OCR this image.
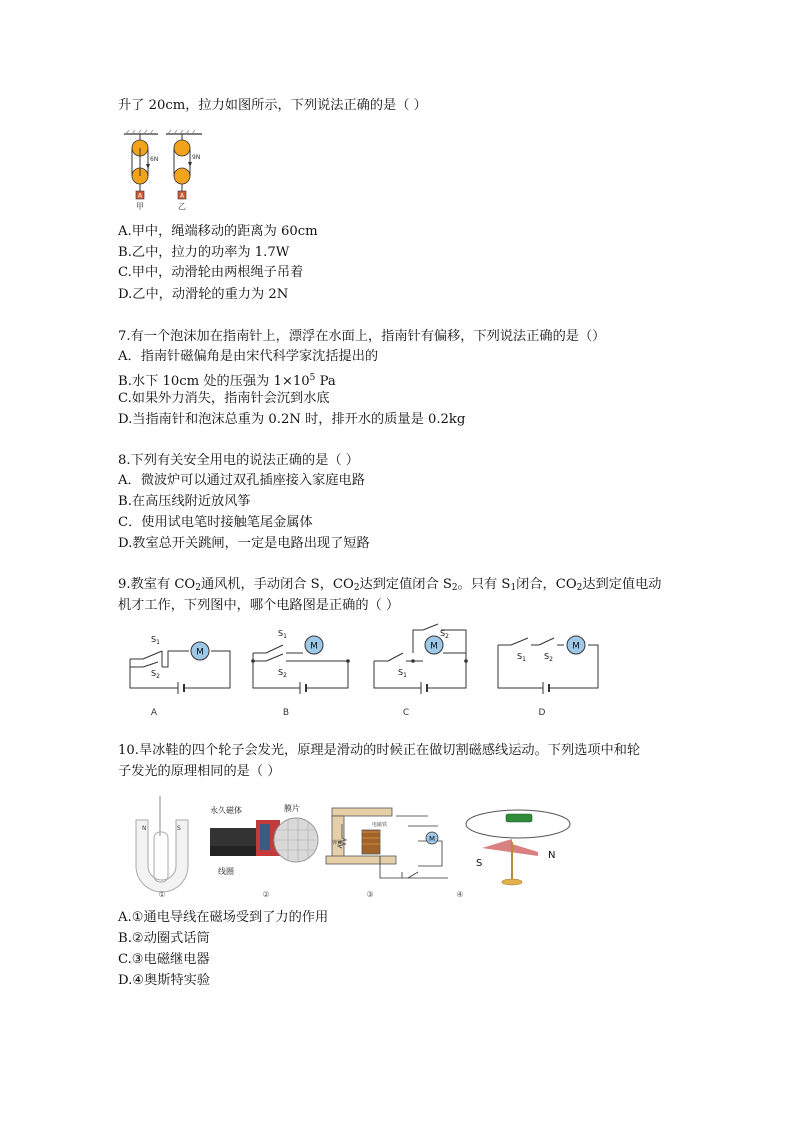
升了 20cm，拉力如图所示，下列说法正确的是（ ）
6N
A
甲
9N
A
乙
A.甲中，绳端移动的距离为 60cm
B.乙中，拉力的功率为 1.7W
C.甲中，动滑轮由两根绳子吊着
D.乙中，动滑轮的重力为 2N
7.有一个泡沫加在指南针上，漂浮在水面上，指南针有偏移，下列说法正确的是（）
A．指南针磁偏角是由宋代科学家沈括提出的
B.水下 10cm 处的压强为 $1\times 10^5$ Pa
C.如果外力消失，指南针会沉到水底
D.当指南针和泡沫总重为 0.2N 时，排开水的质量是 0.2kg
8.下列有关安全用电的说法正确的是（ ）
A．微波炉可以通过双孔插座接入家庭电路
B.在高压线附近放风筝
C．使用试电笔时接触笔尾金属体
D.教室总开关跳闸，一定是电路出现了短路
9.教室有 $CO_2$通风机，手动闭合 S，$CO_2$达到定值闭合 $S_2$。只有 $S_1$闭合，$CO_2$达到定值电动
机才工作，下列图中，哪个电路图是正确的（ ）
M
$S_1$
$S_2$
M
$S_1$
$S_2$
M
$S_2$
$S_1$
M
$S_1$ $S_2$
A	B	C	D
10.旱冰鞋的四个轮子会发光，原理是滑动的时候正在做切割磁感线运动。下列选项中和轮
子发光的原理相同的是（ ）
N	S
①
永久磁体	膜片
线圈
②
弹簧
电磁铁
M
③
S
N
④
A.①通电导线在磁场受到了力的作用
B.②动圈式话筒
C.③电磁继电器
D.④奥斯特实验
